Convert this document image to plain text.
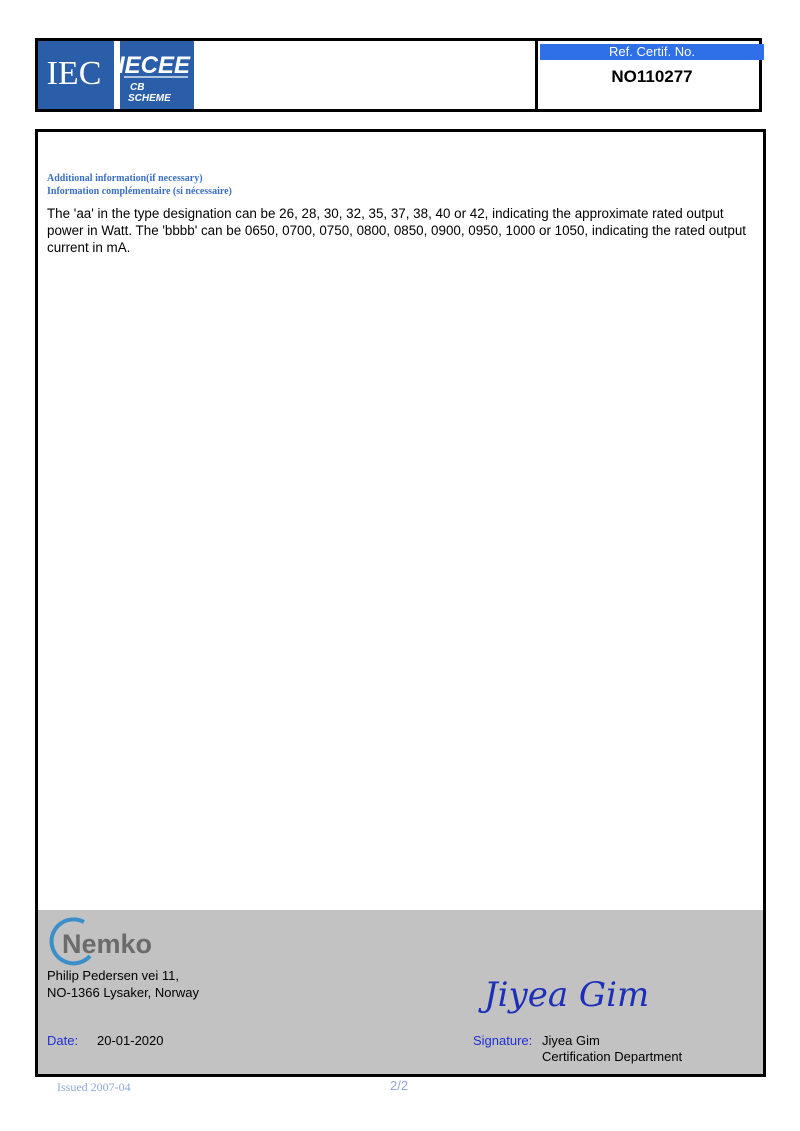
IEC IECEE
CB
SCHEME
Ref. Certif. No.
NO110277
Additional information(if necessary)
Information complémentaire (si nécessaire)
The 'aa' in the type designation can be 26, 28, 30, 32, 35, 37, 38, 40 or 42, indicating the approximate rated output
power in Watt. The 'bbbb' can be 0650, 0700, 0750, 0800, 0850, 0900, 0950, 1000 or 1050, indicating the rated output
current in mA.
Nemko
Philip Pedersen vei 11,
NO-1366 Lysaker, Norway	Jiyea Gim
Date: 20-01-2020	Signature: Jiyea Gim
Certification Department
Issued 2007-04	2/2
